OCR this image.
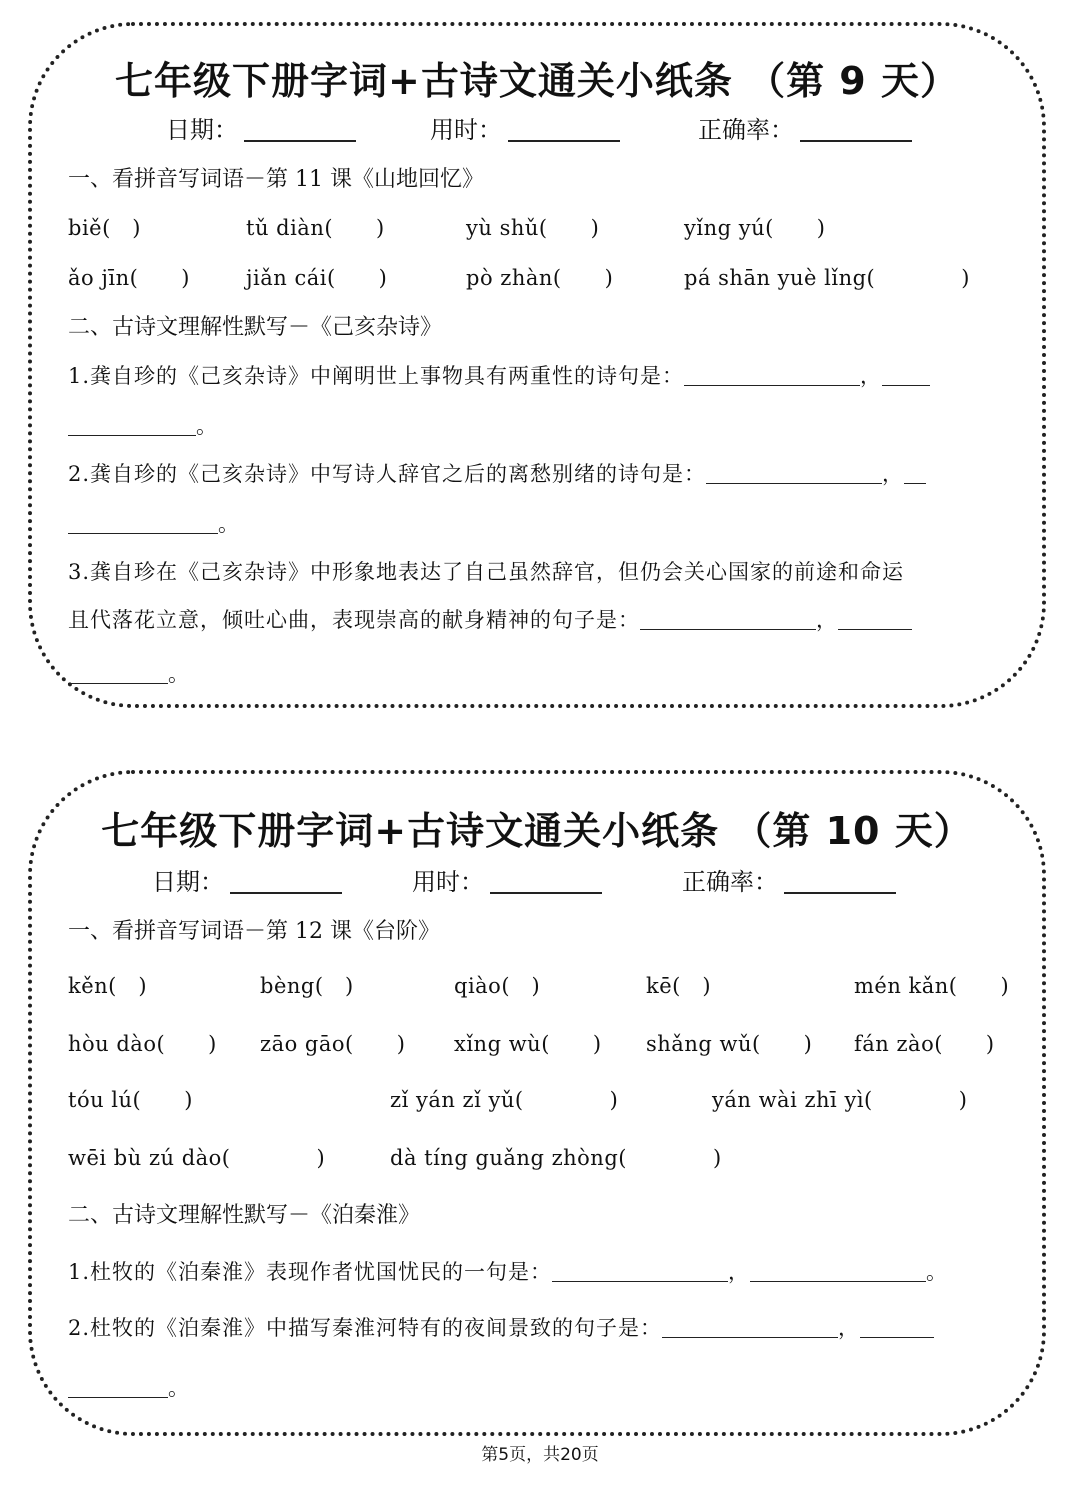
七年级下册字词+古诗文通关小纸条 （第 9 天）
日期：	用时：	正确率：
一、看拼音写词语－第 11 课《山地回忆》
biě(　)	tǔ diàn(　　)	yù shǔ(　　)	yǐng yú(　　)
ǎo jīn(　　)	jiǎn cái(　　)	pò zhàn(　　)	pá shān yuè lǐng(　　　　)
二、古诗文理解性默写－《己亥杂诗》
1.龚自珍的《己亥杂诗》中阐明世上事物具有两重性的诗句是：	，
。
2.龚自珍的《己亥杂诗》中写诗人辞官之后的离愁别绪的诗句是：	，
。
3.龚自珍在《己亥杂诗》中形象地表达了自己虽然辞官，但仍会关心国家的前途和命运
且代落花立意，倾吐心曲，表现崇高的献身精神的句子是：	，
。
七年级下册字词+古诗文通关小纸条 （第 10 天）
日期：	用时：	正确率：
一、看拼音写词语－第 12 课《台阶》
kěn(　)	bèng(　)	qiào(　)	kē(　)	mén kǎn(　　)
hòu dào(　　) zāo gāo(　　) xǐng wù(　　) shǎng wǔ(　　) fán zào(　　)
tóu lú(　　)	zǐ yán zǐ yǔ(　　　　)	yán wài zhī yì(　　　　)
wēi bù zú dào(　　　　)	dà tíng guǎng zhòng(　　　　)
二、古诗文理解性默写－《泊秦淮》
1.杜牧的《泊秦淮》表现作者忧国忧民的一句是：	，	。
2.杜牧的《泊秦淮》中描写秦淮河特有的夜间景致的句子是：	，
。
第5页，共20页
